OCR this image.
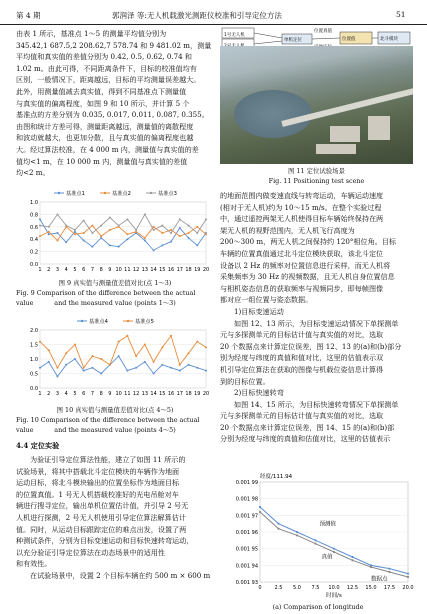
第 4 期	郭润泽 等:无人机载激光测距仪校准和引导定位方法	51
由表 1 所示，基准点 1～5 的测量平均值分别为
345.42,1 687.5,2 208.62,7 578.74 和 9 481.02 m，测量
平均值和真实值的差值分别为 0.42, 0.5, 0.62, 0.74 和
1.02 m。由此可得，不同距离条件下，目标的校准值均有
区别，一般情况下，距离越远，目标的平均测量误差越大。
此外，用测量值减去真实值，得到不同基准点下测量值
与真实值的偏离程度，如图 9 和 10 所示，并计算 5 个
基准点的方差分别为 0.035, 0.017, 0.011, 0.087, 0.355。
由图和统计方差可得，测量距离越远，测量值的离散程度
和波动就越大，也更加分散，且与真实值的偏离程度也越
大。经过算法校准，在 4 000 m 内，测量值与真实值的差
值均<1 m，在 10 000 m 内，测量值与真实值的差值
均<2 m。
0.0
0.2
0.4
0.6
0.8
1.0
1 2 3 4 5 6 7 8 9 10 11 12 13 14 15 16 17 18 19 20
基准点1	基准点2	基准点3
图 9 真实值与测量值差值对比(点 1～3)
Fig. 9 Comparison of the difference between the actual value	and the measured value (points 1～3)
0.0
0.5
1.0
1.5
2.0
1 2 3 4 5 6 7 8 9 10 11 12 13 14 15 16 17 18 19 20
基准点4	基准点5
图 10 真实值与测量值差值对比(点 4～5)
Fig. 10 Comparison of the difference between the actual value	and the measured value (points 4～5)
4.4 定位实验
为验证引导定位算法性能，建立了如图 11 所示的
试验场景，将其中搭载北斗定位模块的车辆作为地面
运动目标，将北斗模块输出的位置坐标作为地面目标
的位置真值。1 号无人机搭载校准好的光电吊舱对车
辆进行搜寻定位，输出单机位置估计值，并引导 2 号无
人机进行探测，2 号无人机使用引导定位算法解算估计
值。同时，从运动目标跟踪定位的难点出发，设置了两
种测试条件，分别为目标变速运动和目标快速转弯运动，
以充分验证引导定位算法在动态场景中的适用性
和有效性。
在试验场景中，设置 2 个目标车辆在约 500 m × 600 m
1号无人机
单机定位	位置值	北斗模块
位置真值
图 11 定位试验场景
Fig. 11 Positioning test scene
的地面范围内做变速直线与转弯运动，车辆运动速度
(相对于无人机)约为 10～15 m/s。在整个实验过程
中，通过遥控两架无人机使得目标车辆始终保持在两
架无人机的视野范围内，无人机飞行高度为
200～300 m，两无人机之间保持约 120°相位角。目标
车辆的位置真值通过北斗定位模块获取，该北斗定位
设备以 2 Hz 的频率对位置信息进行采样，而无人机将
采集频率为 30 Hz 的视频数据，且无人机自身位置信息
与相机姿态信息的获取频率与视频同步，即每帧图像
都对应一组位置与姿态数据。
1)目标变速运动
如图 12、13 所示，为目标变速运动情况下单探测单
元与多探测单元的目标估计值与真实值的对比，选取
20 个数据点来计算定位误差，图 12、13 的(a)和(b)部分
别为经度与纬度的真值和值对比，这里的估值表示双
机引导定位算法在获取的图像与机载位姿信息计算得
到的目标位置。
2)目标快速转弯
如图 14、15 所示，为目标快速转弯情况下单探测单
元与多探测单元的目标估计值与真实值的对比，选取
20 个数据点来计算定位误差，图 14、15 的(a)和(b)部
分别为经度与纬度的真值和估值对比，这里的估值表示
0.001 99
0.001 98
0.001 97
0.001 96
0.001 95
0.001 94
0.001 93
0	2.5 5.0 7.5 10.0 12.5 15.0 17.5 20.0
经度/111.94
时间/s
预测值
真值
数据点
(a) Comparison of longitude
